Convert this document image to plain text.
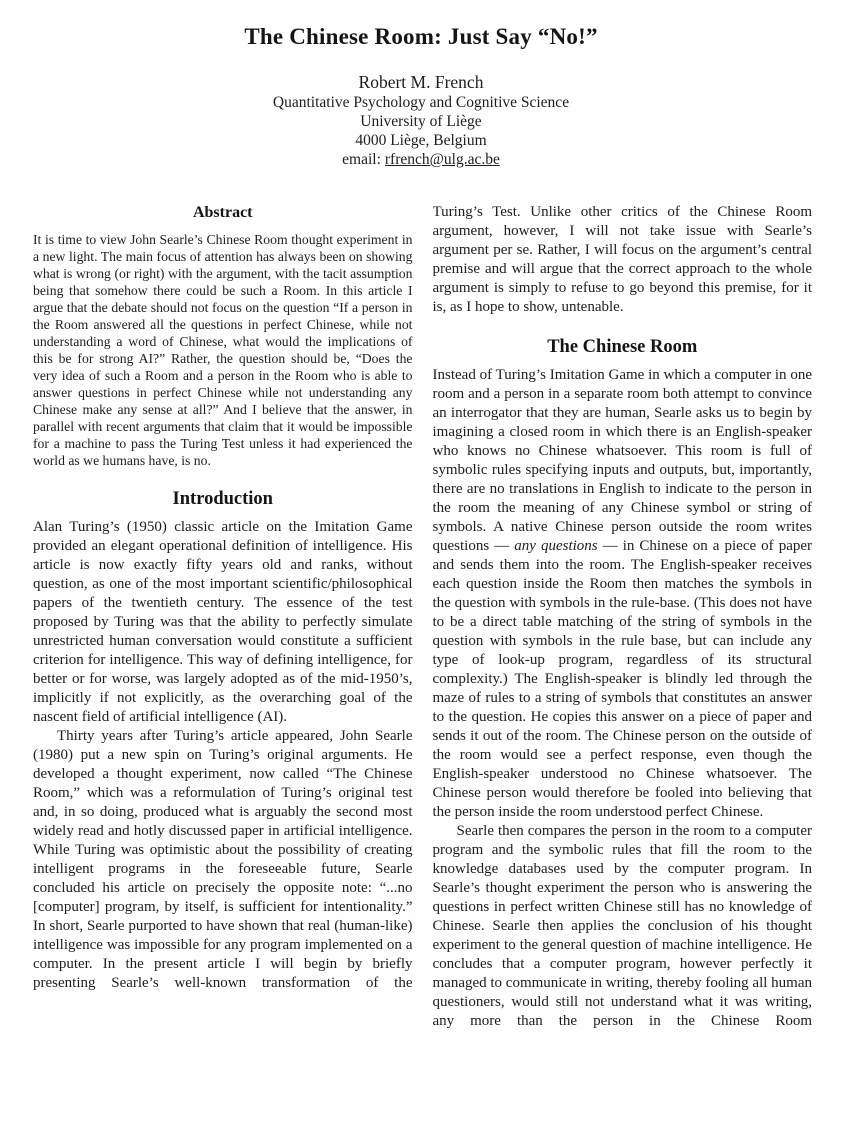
The Chinese Room: Just Say “No!”
Robert M. French
Quantitative Psychology and Cognitive Science
University of Liège
4000 Liège, Belgium
email: rfrench@ulg.ac.be
Abstract

It is time to view John Searle’s Chinese Room thought experiment in a new light. The main focus of attention has always been on showing what is wrong (or right) with the argument, with the tacit assumption being that somehow there could be such a Room. In this article I argue that the debate should not focus on the question “If a person in the Room answered all the questions in perfect Chinese, while not understanding a word of Chinese, what would the implications of this be for strong AI?” Rather, the question should be, “Does the very idea of such a Room and a person in the Room who is able to answer questions in perfect Chinese while not understanding any Chinese make any sense at all?” And I believe that the answer, in parallel with recent arguments that claim that it would be impossible for a machine to pass the Turing Test unless it had experienced the world as we humans have, is no.

Introduction

Alan Turing’s (1950) classic article on the Imitation Game provided an elegant operational definition of intelligence. His article is now exactly fifty years old and ranks, without question, as one of the most important scientific/philosophical papers of the twentieth century. The essence of the test proposed by Turing was that the ability to perfectly simulate unrestricted human conversation would constitute a sufficient criterion for intelligence. This way of defining intelligence, for better or for worse, was largely adopted as of the mid-1950’s, implicitly if not explicitly, as the overarching goal of the nascent field of artificial intelligence (AI).

Thirty years after Turing’s article appeared, John Searle (1980) put a new spin on Turing’s original arguments. He developed a thought experiment, now called “The Chinese Room,” which was a reformulation of Turing’s original test and, in so doing, produced what is arguably the second most widely read and hotly discussed paper in artificial intelligence. While Turing was optimistic about the possibility of creating intelligent programs in the foreseeable future, Searle concluded his article on precisely the opposite note: “...no [computer] program, by itself, is sufficient for intentionality.” In short, Searle purported to have shown that real (human-like) intelligence was impossible for any program implemented on a computer. In the present article I will begin by briefly presenting Searle’s well-known transformation of the

Turing’s Test. Unlike other critics of the Chinese Room argument, however, I will not take issue with Searle’s argument per se. Rather, I will focus on the argument’s central premise and will argue that the correct approach to the whole argument is simply to refuse to go beyond this premise, for it is, as I hope to show, untenable.

The Chinese Room

Instead of Turing’s Imitation Game in which a computer in one room and a person in a separate room both attempt to convince an interrogator that they are human, Searle asks us to begin by imagining a closed room in which there is an English-speaker who knows no Chinese whatsoever. This room is full of symbolic rules specifying inputs and outputs, but, importantly, there are no translations in English to indicate to the person in the room the meaning of any Chinese symbol or string of symbols. A native Chinese person outside the room writes questions — any questions — in Chinese on a piece of paper and sends them into the room. The English-speaker receives each question inside the Room then matches the symbols in the question with symbols in the rule-base. (This does not have to be a direct table matching of the string of symbols in the question with symbols in the rule base, but can include any type of look-up program, regardless of its structural complexity.) The English-speaker is blindly led through the maze of rules to a string of symbols that constitutes an answer to the question. He copies this answer on a piece of paper and sends it out of the room. The Chinese person on the outside of the room would see a perfect response, even though the English-speaker understood no Chinese whatsoever. The Chinese person would therefore be fooled into believing that the person inside the room understood perfect Chinese.

Searle then compares the person in the room to a computer program and the symbolic rules that fill the room to the knowledge databases used by the computer program. In Searle’s thought experiment the person who is answering the questions in perfect written Chinese still has no knowledge of Chinese. Searle then applies the conclusion of his thought experiment to the general question of machine intelligence. He concludes that a computer program, however perfectly it managed to communicate in writing, thereby fooling all human questioners, would still not understand what it was writing, any more than the person in the Chinese Room
